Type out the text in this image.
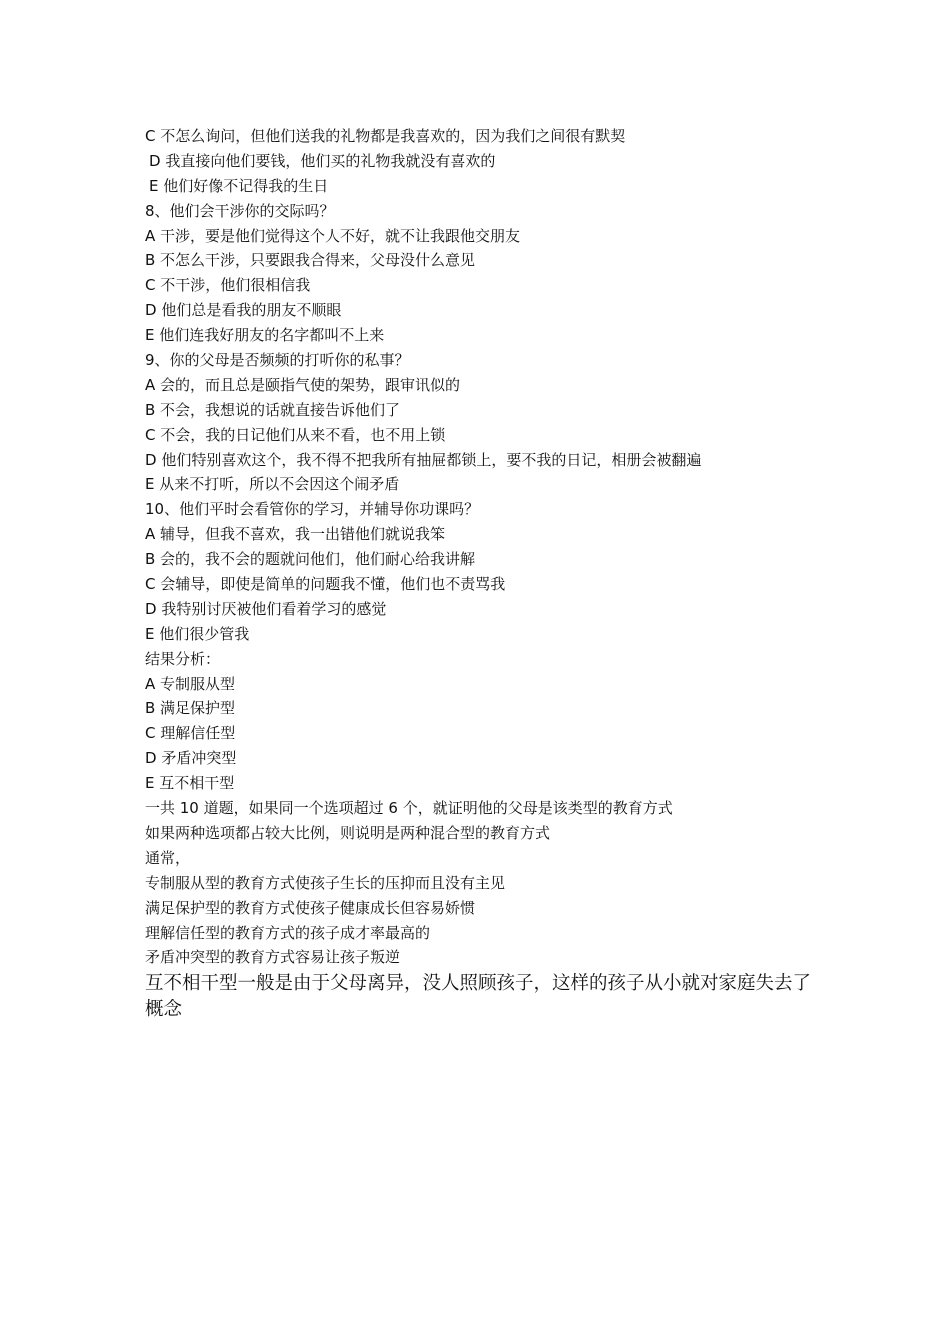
C 不怎么询问，但他们送我的礼物都是我喜欢的，因为我们之间很有默契
D 我直接向他们要钱，他们买的礼物我就没有喜欢的
E 他们好像不记得我的生日
8、他们会干涉你的交际吗？
A 干涉，要是他们觉得这个人不好，就不让我跟他交朋友
B 不怎么干涉，只要跟我合得来，父母没什么意见
C 不干涉，他们很相信我
D 他们总是看我的朋友不顺眼
E 他们连我好朋友的名字都叫不上来
9、你的父母是否频频的打听你的私事？
A 会的，而且总是颐指气使的架势，跟审讯似的
B 不会，我想说的话就直接告诉他们了
C 不会，我的日记他们从来不看，也不用上锁
D 他们特别喜欢这个，我不得不把我所有抽屉都锁上，要不我的日记，相册会被翻遍
E 从来不打听，所以不会因这个闹矛盾
10、他们平时会看管你的学习，并辅导你功课吗？
A 辅导，但我不喜欢，我一出错他们就说我笨
B 会的，我不会的题就问他们，他们耐心给我讲解
C 会辅导，即使是简单的问题我不懂，他们也不责骂我
D 我特别讨厌被他们看着学习的感觉
E 他们很少管我
结果分析：
A 专制服从型
B 满足保护型
C 理解信任型
D 矛盾冲突型
E 互不相干型
一共 10 道题，如果同一个选项超过 6 个，就证明他的父母是该类型的教育方式
如果两种选项都占较大比例，则说明是两种混合型的教育方式
通常，
专制服从型的教育方式使孩子生长的压抑而且没有主见
满足保护型的教育方式使孩子健康成长但容易娇惯
理解信任型的教育方式的孩子成才率最高的
矛盾冲突型的教育方式容易让孩子叛逆
互不相干型一般是由于父母离异，没人照顾孩子，这样的孩子从小就对家庭失去了概念
